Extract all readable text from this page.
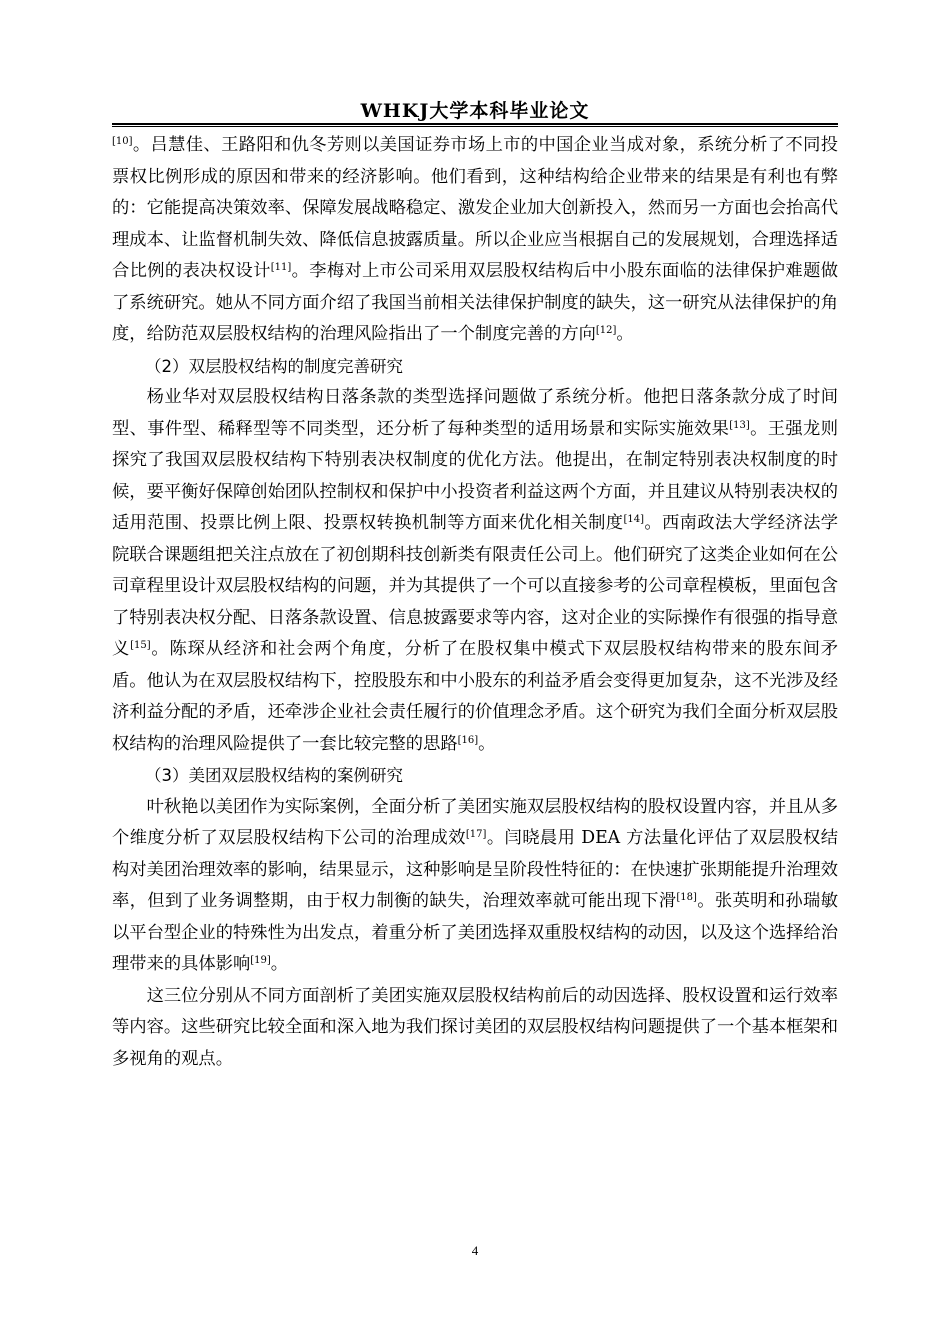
WHKJ大学本科毕业论文

[10]。吕慧佳、王路阳和仇冬芳则以美国证券市场上市的中国企业当成对象，系统分析了不同投票权比例形成的原因和带来的经济影响。他们看到，这种结构给企业带来的结果是有利也有弊的：它能提高决策效率、保障发展战略稳定、激发企业加大创新投入，然而另一方面也会抬高代理成本、让监督机制失效、降低信息披露质量。所以企业应当根据自己的发展规划，合理选择适合比例的表决权设计[11]。李梅对上市公司采用双层股权结构后中小股东面临的法律保护难题做了系统研究。她从不同方面介绍了我国当前相关法律保护制度的缺失，这一研究从法律保护的角度，给防范双层股权结构的治理风险指出了一个制度完善的方向[12]。

（2）双层股权结构的制度完善研究

杨业华对双层股权结构日落条款的类型选择问题做了系统分析。他把日落条款分成了时间型、事件型、稀释型等不同类型，还分析了每种类型的适用场景和实际实施效果[13]。王强龙则探究了我国双层股权结构下特别表决权制度的优化方法。他提出，在制定特别表决权制度的时候，要平衡好保障创始团队控制权和保护中小投资者利益这两个方面，并且建议从特别表决权的适用范围、投票比例上限、投票权转换机制等方面来优化相关制度[14]。西南政法大学经济法学院联合课题组把关注点放在了初创期科技创新类有限责任公司上。他们研究了这类企业如何在公司章程里设计双层股权结构的问题，并为其提供了一个可以直接参考的公司章程模板，里面包含了特别表决权分配、日落条款设置、信息披露要求等内容，这对企业的实际操作有很强的指导意义[15]。陈琛从经济和社会两个角度，分析了在股权集中模式下双层股权结构带来的股东间矛盾。他认为在双层股权结构下，控股股东和中小股东的利益矛盾会变得更加复杂，这不光涉及经济利益分配的矛盾，还牵涉企业社会责任履行的价值理念矛盾。这个研究为我们全面分析双层股权结构的治理风险提供了一套比较完整的思路[16]。

（3）美团双层股权结构的案例研究

叶秋艳以美团作为实际案例，全面分析了美团实施双层股权结构的股权设置内容，并且从多个维度分析了双层股权结构下公司的治理成效[17]。闫晓晨用 DEA 方法量化评估了双层股权结构对美团治理效率的影响，结果显示，这种影响是呈阶段性特征的：在快速扩张期能提升治理效率，但到了业务调整期，由于权力制衡的缺失，治理效率就可能出现下滑[18]。张英明和孙瑞敏以平台型企业的特殊性为出发点，着重分析了美团选择双重股权结构的动因，以及这个选择给治理带来的具体影响[19]。

这三位分别从不同方面剖析了美团实施双层股权结构前后的动因选择、股权设置和运行效率等内容。这些研究比较全面和深入地为我们探讨美团的双层股权结构问题提供了一个基本框架和多视角的观点。

4
